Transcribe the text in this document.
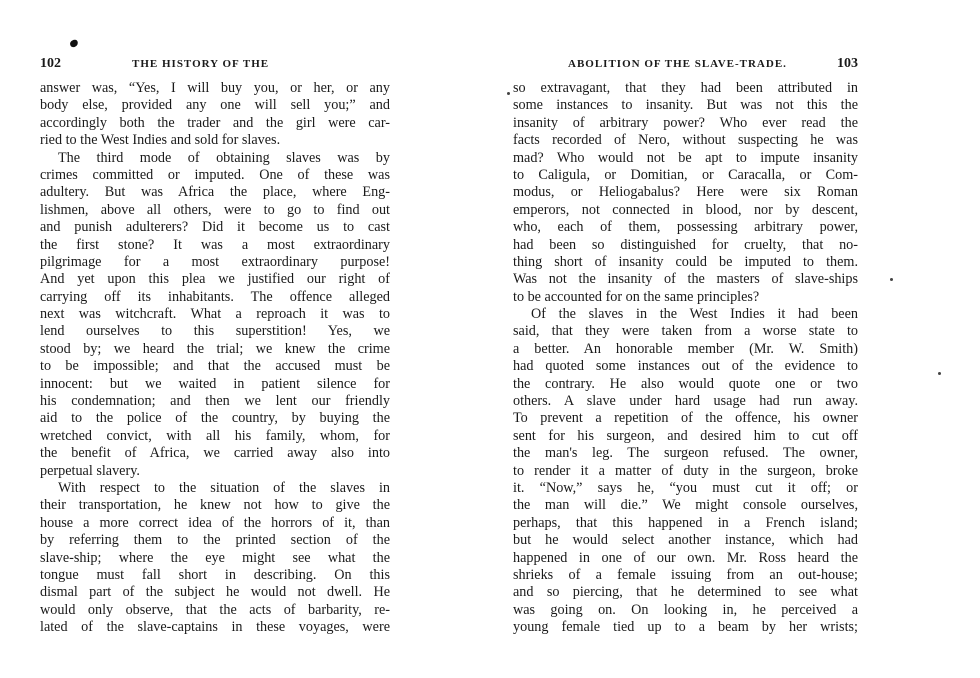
102	THE HISTORY OF THE
answer was, “Yes, I will buy you, or her, or any
body else, provided any one will sell you;” and
accordingly both the trader and the girl were car-
ried to the West Indies and sold for slaves.
The third mode of obtaining slaves was by
crimes committed or imputed. One of these was
adultery. But was Africa the place, where Eng-
lishmen, above all others, were to go to find out
and punish adulterers? Did it become us to cast
the first stone? It was a most extraordinary
pilgrimage for a most extraordinary purpose!
And yet upon this plea we justified our right of
carrying off its inhabitants. The offence alleged
next was witchcraft. What a reproach it was to
lend ourselves to this superstition! Yes, we
stood by; we heard the trial; we knew the crime
to be impossible; and that the accused must be
innocent: but we waited in patient silence for
his condemnation; and then we lent our friendly
aid to the police of the country, by buying the
wretched convict, with all his family, whom, for
the benefit of Africa, we carried away also into
perpetual slavery.
With respect to the situation of the slaves in
their transportation, he knew not how to give the
house a more correct idea of the horrors of it, than
by referring them to the printed section of the
slave-ship; where the eye might see what the
tongue must fall short in describing. On this
dismal part of the subject he would not dwell. He
would only observe, that the acts of barbarity, re-
lated of the slave-captains in these voyages, were
ABOLITION OF THE SLAVE-TRADE.	103
so extravagant, that they had been attributed in
some instances to insanity. But was not this the
insanity of arbitrary power? Who ever read the
facts recorded of Nero, without suspecting he was
mad? Who would not be apt to impute insanity
to Caligula, or Domitian, or Caracalla, or Com-
modus, or Heliogabalus? Here were six Roman
emperors, not connected in blood, nor by descent,
who, each of them, possessing arbitrary power,
had been so distinguished for cruelty, that no-
thing short of insanity could be imputed to them.
Was not the insanity of the masters of slave-ships
to be accounted for on the same principles?
Of the slaves in the West Indies it had been
said, that they were taken from a worse state to
a better. An honorable member (Mr. W. Smith)
had quoted some instances out of the evidence to
the contrary. He also would quote one or two
others. A slave under hard usage had run away.
To prevent a repetition of the offence, his owner
sent for his surgeon, and desired him to cut off
the man's leg. The surgeon refused. The owner,
to render it a matter of duty in the surgeon, broke
it. “Now,” says he, “you must cut it off; or
the man will die.” We might console ourselves,
perhaps, that this happened in a French island;
but he would select another instance, which had
happened in one of our own. Mr. Ross heard the
shrieks of a female issuing from an out-house;
and so piercing, that he determined to see what
was going on. On looking in, he perceived a
young female tied up to a beam by her wrists;
